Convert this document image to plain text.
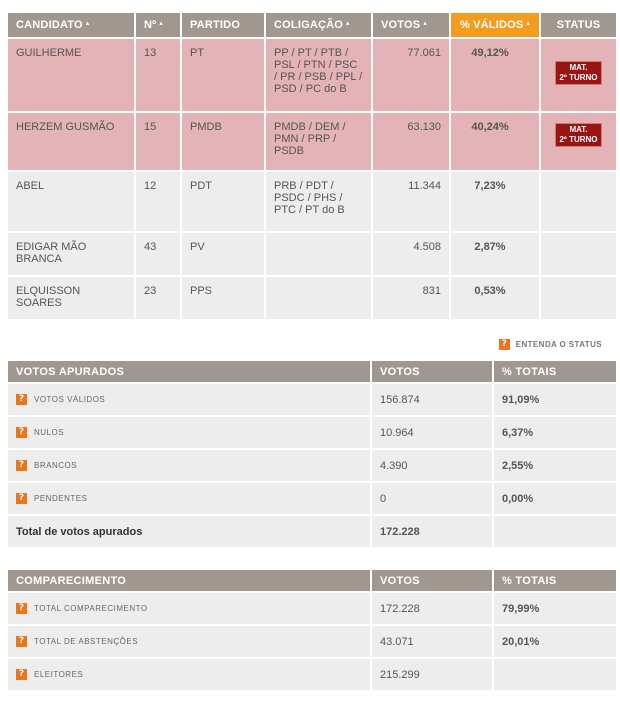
CANDIDATO ▴	Nº ▴	PARTIDO	COLIGAÇÃO ▴	VOTOS ▴	% VÁLIDOS ▴	STATUS
GUILHERME	13	PT	PP / PT / PTB / PSL / PTN / PSC / PR / PSB / PPL / PSD / PC do B	77.061	49,12%	MAT.
2º TURNO
HERZEM GUSMÃO	15	PMDB	PMDB / DEM / PMN / PRP / PSDB	63.130	40,24%	MAT.
2º TURNO
ABEL	12	PDT	PRB / PDT / PSDC / PHS / PTC / PT do B	11.344	7,23%	
EDIGAR MÃO BRANCA	43	PV		4.508	2,87%	
ELQUISSON SOARES	23	PPS		831	0,53%	
?	ENTENDA O STATUS
VOTOS APURADOS	VOTOS	% TOTAIS
? VOTOS VÁLIDOS	156.874	91,09%
? NULOS	10.964	6,37%
? BRANCOS	4.390	2,55%
? PENDENTES	0	0,00%
Total de votos apurados	172.228	
COMPARECIMENTO	VOTOS	% TOTAIS
? TOTAL COMPARECIMENTO	172.228	79,99%
? TOTAL DE ABSTENÇÕES	43.071	20,01%
? ELEITORES	215.299	
